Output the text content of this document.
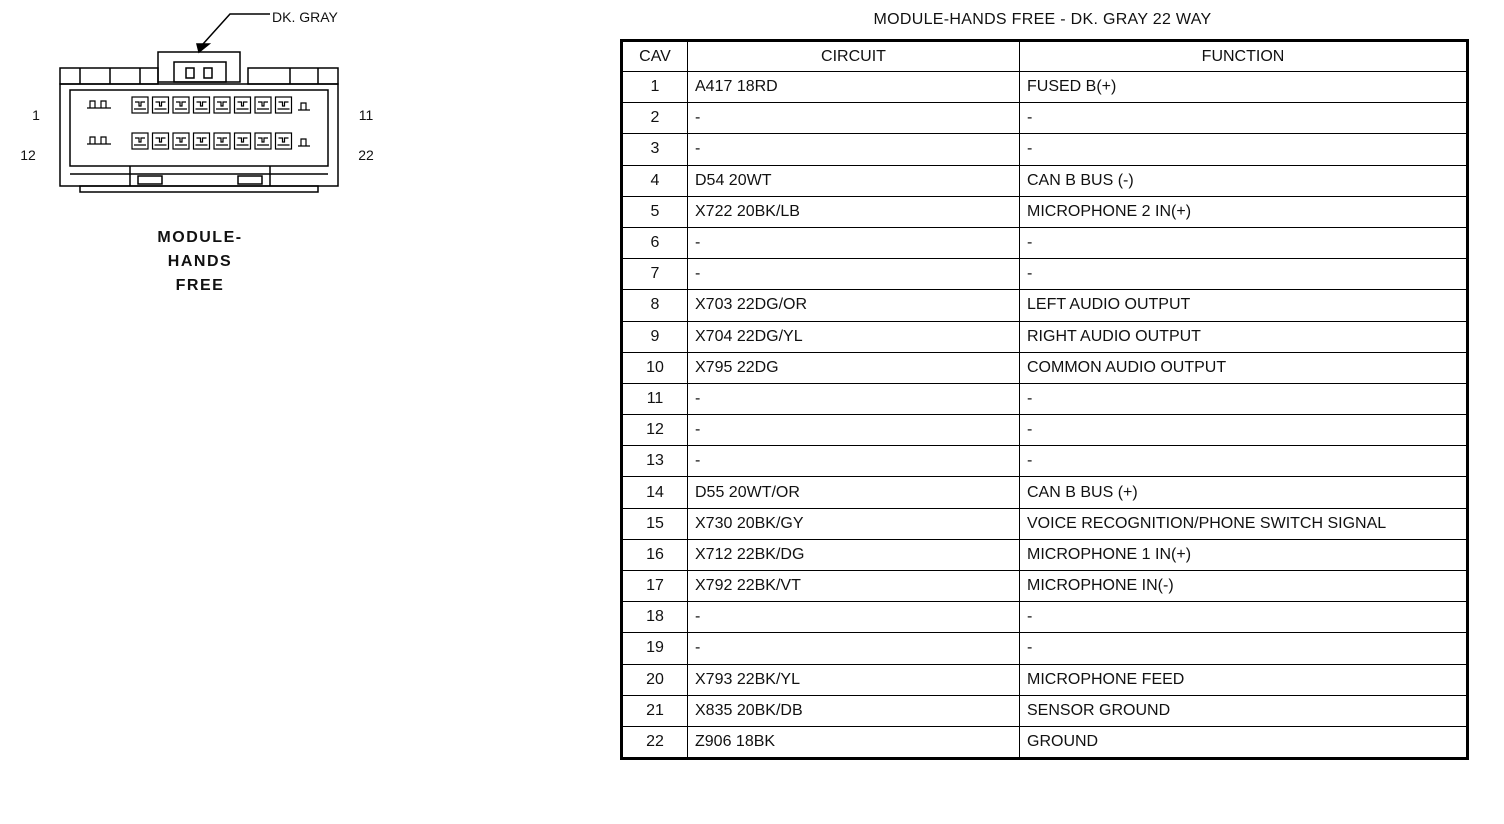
DK. GRAY
1	11
12	22
MODULE-
HANDS
FREE
MODULE-HANDS FREE - DK. GRAY 22 WAY
CAV	CIRCUIT	FUNCTION
1	A417 18RD	FUSED B(+)
2	-	-
3	-	-
4	D54 20WT	CAN B BUS (-)
5	X722 20BK/LB	MICROPHONE 2 IN(+)
6	-	-
7	-	-
8	X703 22DG/OR	LEFT AUDIO OUTPUT
9	X704 22DG/YL	RIGHT AUDIO OUTPUT
10	X795 22DG	COMMON AUDIO OUTPUT
11	-	-
12	-	-
13	-	-
14	D55 20WT/OR	CAN B BUS (+)
15	X730 20BK/GY	VOICE RECOGNITION/PHONE SWITCH SIGNAL
16	X712 22BK/DG	MICROPHONE 1 IN(+)
17	X792 22BK/VT	MICROPHONE IN(-)
18	-	-
19	-	-
20	X793 22BK/YL	MICROPHONE FEED
21	X835 20BK/DB	SENSOR GROUND
22	Z906 18BK	GROUND
